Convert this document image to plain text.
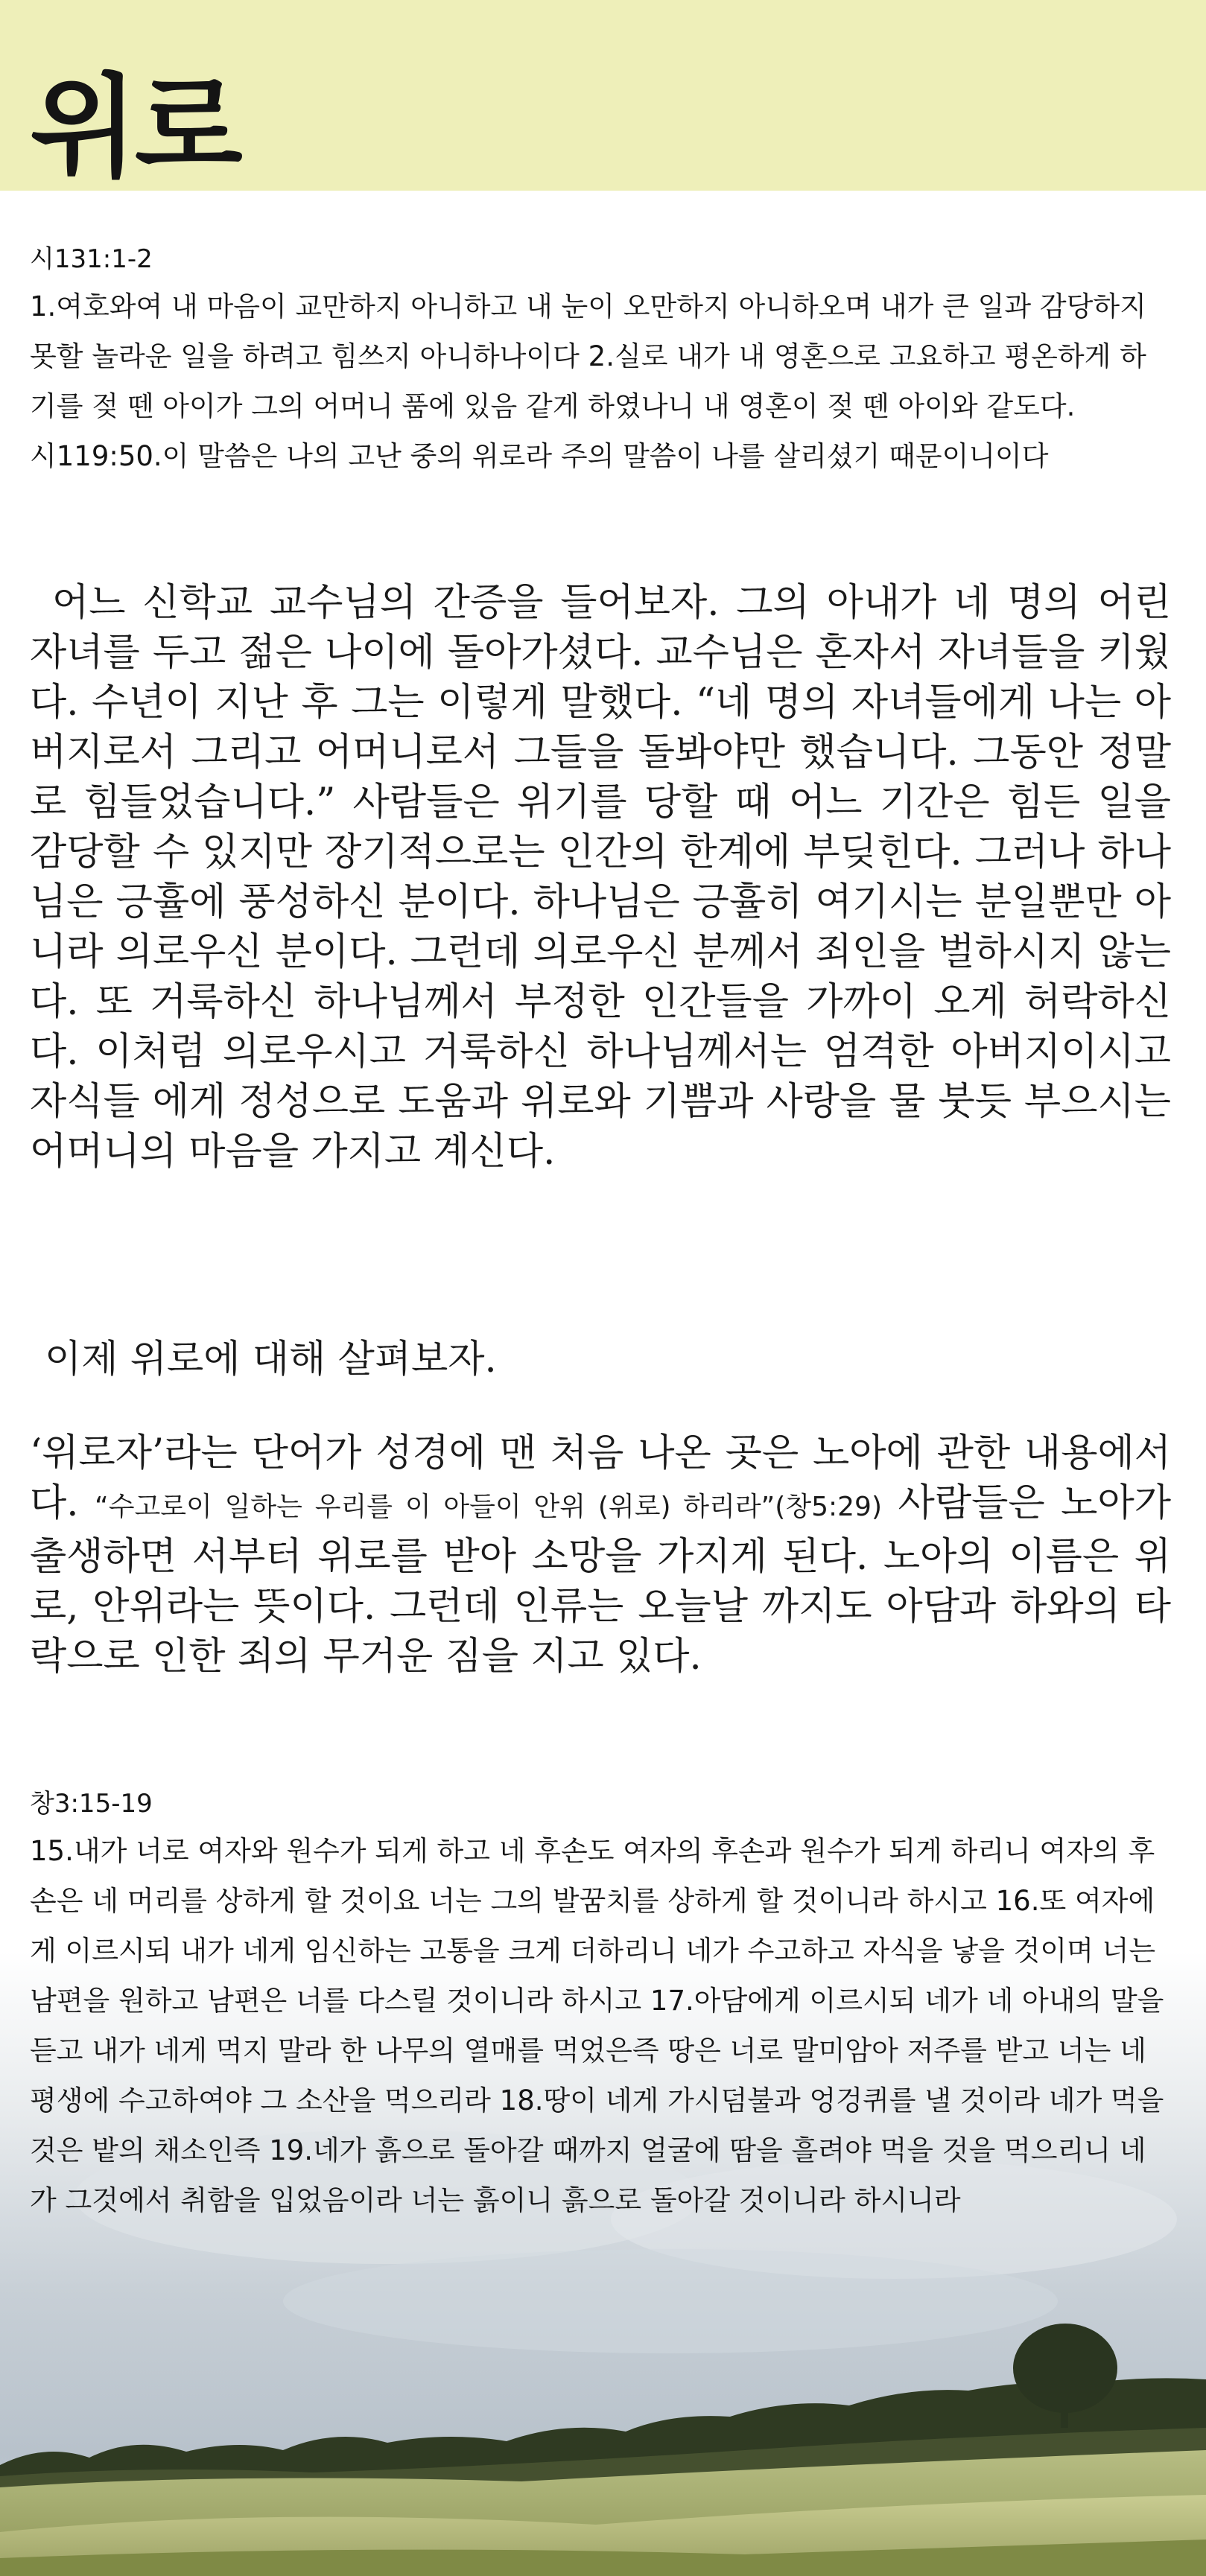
위로
시131:1-2
1.여호와여 내 마음이 교만하지 아니하고 내 눈이 오만하지 아니하오며 내가 큰 일과 감당하지 못할 놀라운 일을 하려고 힘쓰지 아니하나이다 2.실로 내가 내 영혼으로 고요하고 평온하게 하기를 젖 뗀 아이가 그의 어머니 품에 있음 같게 하였나니 내 영혼이 젖 뗀 아이와 같도다.
시119:50.이 말씀은 나의 고난 중의 위로라 주의 말씀이 나를 살리셨기 때문이니이다
어느 신학교 교수님의 간증을 들어보자. 그의 아내가 네 명의 어린 자녀를 두고 젊은 나이에 돌아가셨다. 교수님은 혼자서 자녀들을 키웠다. 수년이 지난 후 그는 이렇게 말했다. “네 명의 자녀들에게 나는 아버지로서 그리고 어머니로서 그들을 돌봐야만 했습니다. 그동안 정말로 힘들었습니다.” 사람들은 위기를 당할 때 어느 기간은 힘든 일을 감당할 수 있지만 장기적으로는 인간의 한계에 부딪힌다. 그러나 하나님은 긍휼에 풍성하신 분이다. 하나님은 긍휼히 여기시는 분일뿐만 아니라 의로우신 분이다. 그런데 의로우신 분께서 죄인을 벌하시지 않는다. 또 거룩하신 하나님께서 부정한 인간들을 가까이 오게 허락하신다. 이처럼 의로우시고 거룩하신 하나님께서는 엄격한 아버지이시고 자식들 에게 정성으로 도움과 위로와 기쁨과 사랑을 물 붓듯 부으시는 어머니의 마음을 가지고 계신다.
이제 위로에 대해 살펴보자.
‘위로자’라는 단어가 성경에 맨 처음 나온 곳은 노아에 관한 내용에서다. “수고로이 일하는 우리를 이 아들이 안위 (위로) 하리라”(창5:29) 사람들은 노아가 출생하면 서부터 위로를 받아 소망을 가지게 된다. 노아의 이름은 위로, 안위라는 뜻이다. 그런데 인류는 오늘날 까지도 아담과 하와의 타락으로 인한 죄의 무거운 짐을 지고 있다.
창3:15-19
15.내가 너로 여자와 원수가 되게 하고 네 후손도 여자의 후손과 원수가 되게 하리니 여자의 후손은 네 머리를 상하게 할 것이요 너는 그의 발꿈치를 상하게 할 것이니라 하시고 16.또 여자에게 이르시되 내가 네게 임신하는 고통을 크게 더하리니 네가 수고하고 자식을 낳을 것이며 너는 남편을 원하고 남편은 너를 다스릴 것이니라 하시고 17.아담에게 이르시되 네가 네 아내의 말을 듣고 내가 네게 먹지 말라 한 나무의 열매를 먹었은즉 땅은 너로 말미암아 저주를 받고 너는 네 평생에 수고하여야 그 소산을 먹으리라 18.땅이 네게 가시덤불과 엉겅퀴를 낼 것이라 네가 먹을 것은 밭의 채소인즉 19.네가 흙으로 돌아갈 때까지 얼굴에 땀을 흘려야 먹을 것을 먹으리니 네가 그것에서 취함을 입었음이라 너는 흙이니 흙으로 돌아갈 것이니라 하시니라
